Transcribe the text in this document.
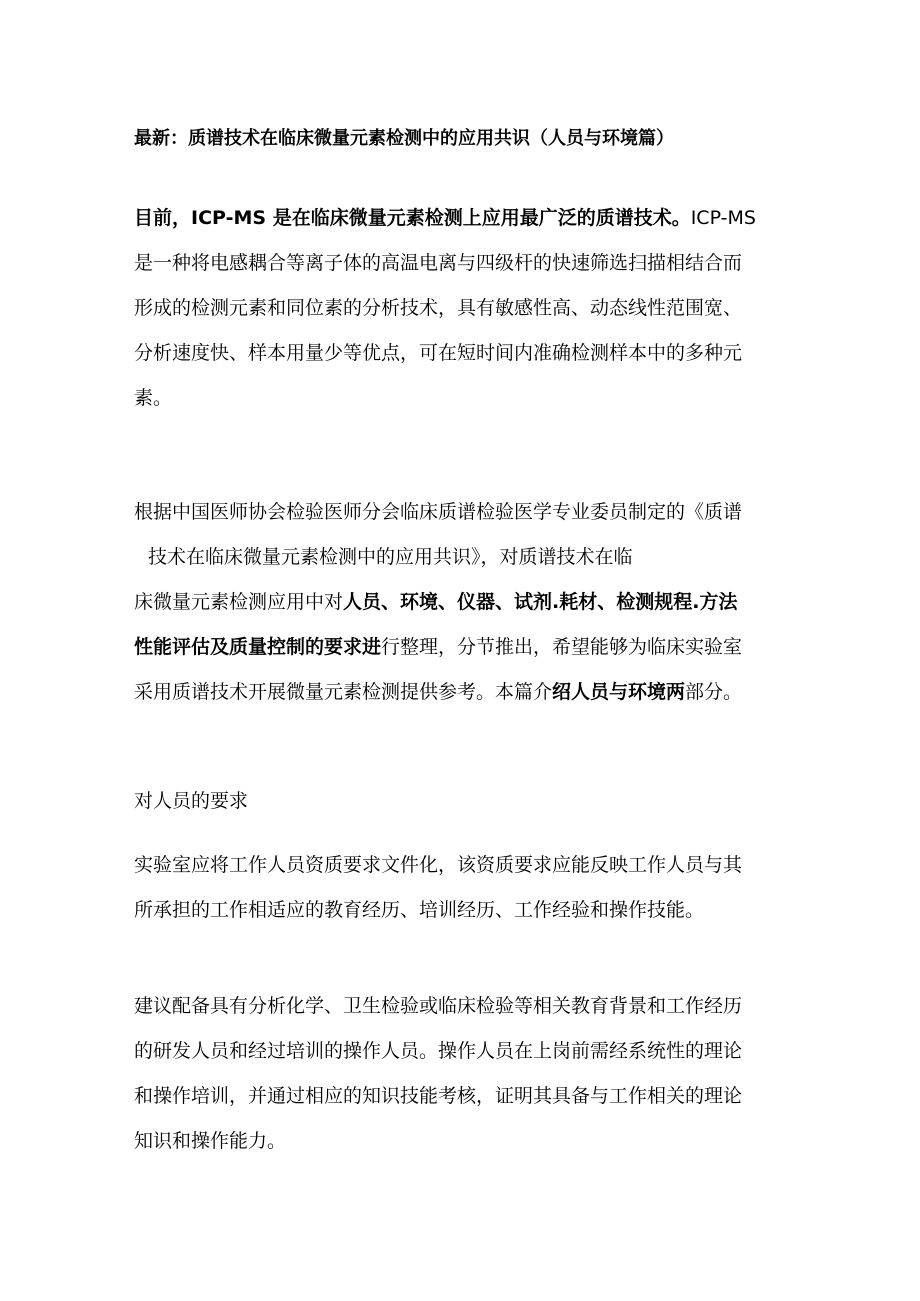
最新：质谱技术在临床微量元素检测中的应用共识（人员与环境篇）
目前，ICP-MS 是在临床微量元素检测上应用最广泛的质谱技术。ICP-MS
是一种将电感耦合等离子体的高温电离与四级杆的快速筛选扫描相结合而
形成的检测元素和同位素的分析技术，具有敏感性高、动态线性范围宽、
分析速度快、样本用量少等优点，可在短时间内准确检测样本中的多种元
素。
根据中国医师协会检验医师分会临床质谱检验医学专业委员制定的《质谱
技术在临床微量元素检测中的应用共识》，对质谱技术在临
床微量元素检测应用中对人员、环境、仪器、试剂.耗材、检测规程.方法
性能评估及质量控制的要求进行整理，分节推出，希望能够为临床实验室
采用质谱技术开展微量元素检测提供参考。本篇介绍人员与环境两部分。
对人员的要求
实验室应将工作人员资质要求文件化，该资质要求应能反映工作人员与其
所承担的工作相适应的教育经历、培训经历、工作经验和操作技能。
建议配备具有分析化学、卫生检验或临床检验等相关教育背景和工作经历
的研发人员和经过培训的操作人员。操作人员在上岗前需经系统性的理论
和操作培训，并通过相应的知识技能考核，证明其具备与工作相关的理论
知识和操作能力。
